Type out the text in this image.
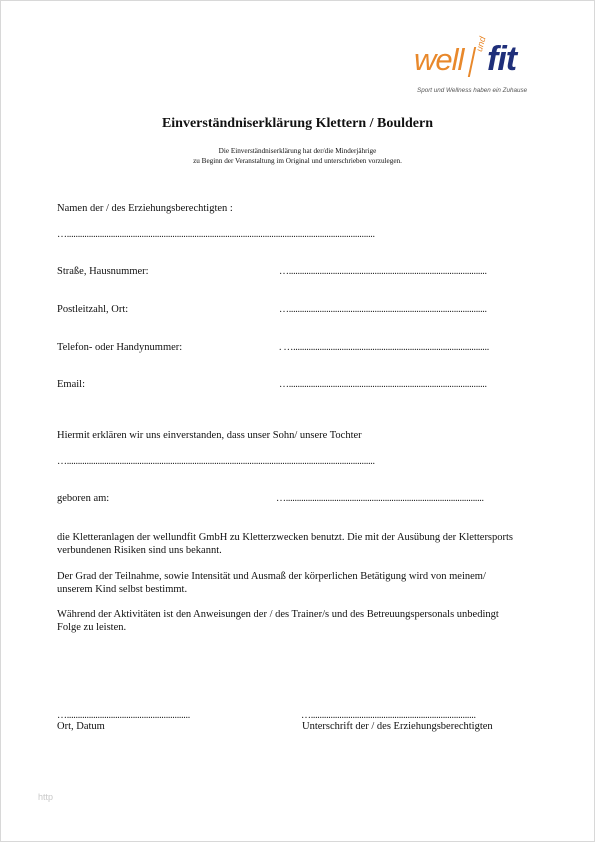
well und fit
Sport und Wellness haben ein Zuhause
Einverständniserklärung Klettern / Bouldern
Die Einverständniserklärung hat der/die Minderjährige
zu Beginn der Veranstaltung im Original und unterschrieben vorzulegen.
Namen der / des Erziehungsberechtigten :
…............................................................................................................................................
Straße, Hausnummer:	…..........................................................................................
Postleitzahl, Ort:	…..........................................................................................
Telefon- oder Handynummer:	. ….........................................................................................
Email:	…..........................................................................................
Hiermit erklären wir uns einverstanden, dass unser Sohn/ unsere Tochter
…............................................................................................................................................
geboren am:	…..........................................................................................
die Kletteranlagen der wellundfit GmbH zu Kletterzwecken benutzt. Die mit der Ausübung der Klettersports
verbundenen Risiken sind uns bekannt.
Der Grad der Teilnahme, sowie Intensität und Ausmaß der körperlichen Betätigung wird von meinem/
unserem Kind selbst bestimmt.
Während der Aktivitäten ist den Anweisungen der / des Trainer/s und des Betreuungspersonals unbedingt
Folge zu leisten.
…........................................................
Ort, Datum
…...........................................................................
Unterschrift der / des Erziehungsberechtigten
http
